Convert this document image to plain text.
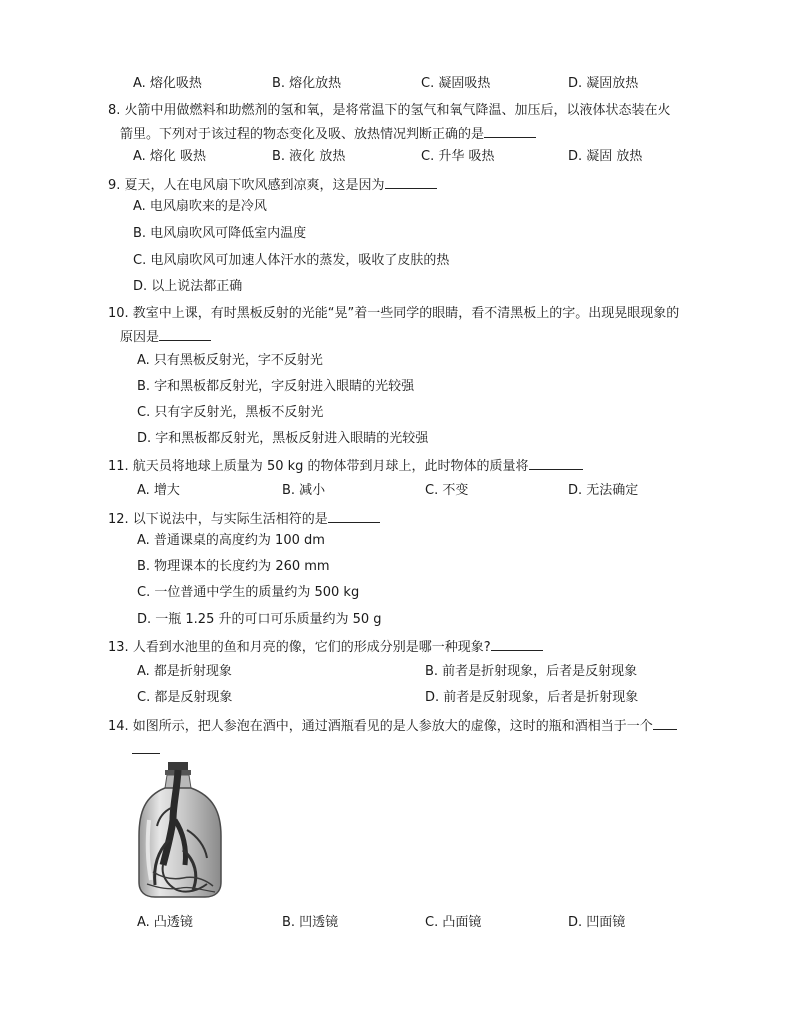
A. 熔化吸热	B. 熔化放热	C. 凝固吸热	D. 凝固放热
8. 火箭中用做燃料和助燃剂的氢和氧，是将常温下的氢气和氧气降温、加压后，以液体状态装在火
箭里。下列对于该过程的物态变化及吸、放热情况判断正确的是
A. 熔化 吸热	B. 液化 放热	C. 升华 吸热	D. 凝固 放热
9. 夏天，人在电风扇下吹风感到凉爽，这是因为
A. 电风扇吹来的是冷风
B. 电风扇吹风可降低室内温度
C. 电风扇吹风可加速人体汗水的蒸发，吸收了皮肤的热
D. 以上说法都正确
10. 教室中上课，有时黑板反射的光能“晃”着一些同学的眼睛，看不清黑板上的字。出现晃眼现象的
原因是
A. 只有黑板反射光，字不反射光
B. 字和黑板都反射光，字反射进入眼睛的光较强
C. 只有字反射光，黑板不反射光
D. 字和黑板都反射光，黑板反射进入眼睛的光较强
11. 航天员将地球上质量为 50 kg 的物体带到月球上，此时物体的质量将
A. 增大	B. 减小	C. 不变	D. 无法确定
12. 以下说法中，与实际生活相符的是
A. 普通课桌的高度约为 100 dm
B. 物理课本的长度约为 260 mm
C. 一位普通中学生的质量约为 500 kg
D. 一瓶 1.25 升的可口可乐质量约为 50 g
13. 人看到水池里的鱼和月亮的像，它们的形成分别是哪一种现象?
A. 都是折射现象	B. 前者是折射现象，后者是反射现象
C. 都是反射现象	D. 前者是反射现象，后者是折射现象
14. 如图所示，把人参泡在酒中，通过酒瓶看见的是人参放大的虚像，这时的瓶和酒相当于一个
A. 凸透镜	B. 凹透镜	C. 凸面镜	D. 凹面镜
